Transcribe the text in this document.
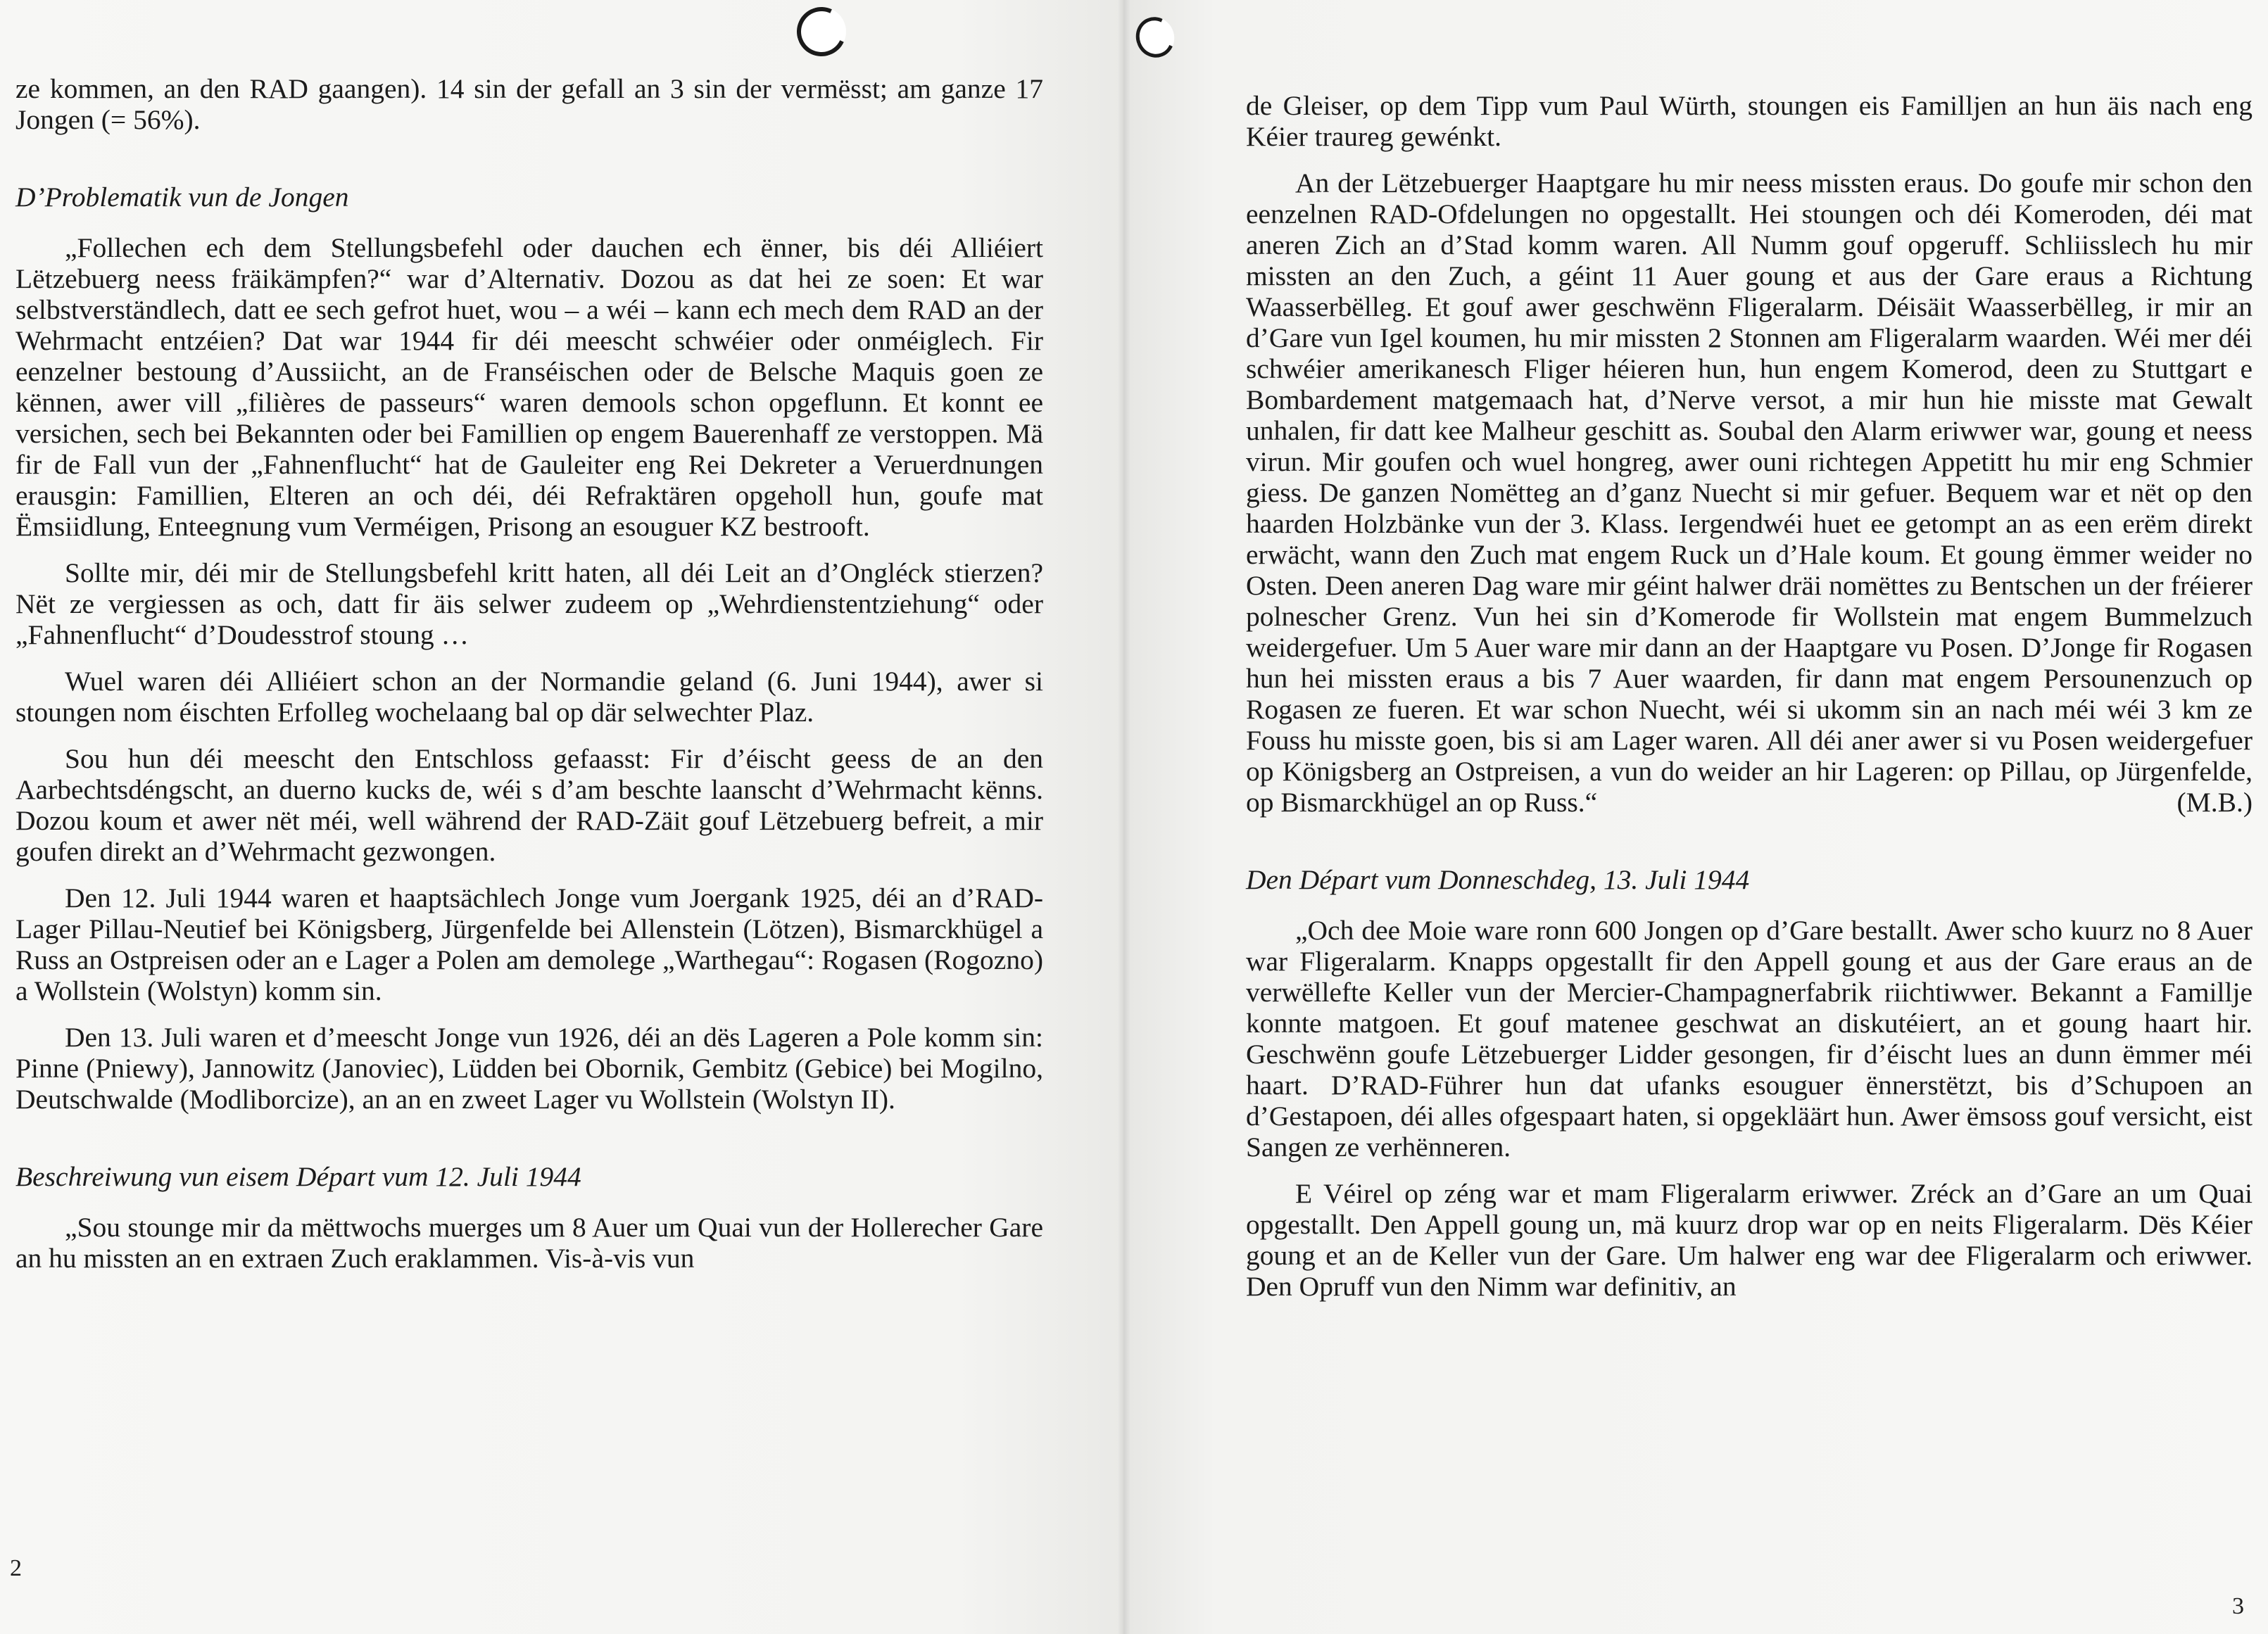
ze kommen, an den RAD gaangen). 14 sin der gefall an 3 sin der vermësst; am ganze 17 Jongen (= 56%).

D’Problematik vun de Jongen

„Follechen ech dem Stellungsbefehl oder dauchen ech ënner, bis déi Alliéiert Lëtzebuerg neess fräikämpfen?“ war d’Alternativ. Dozou as dat hei ze soen: Et war selbstverständlech, datt ee sech gefrot huet, wou – a wéi – kann ech mech dem RAD an der Wehrmacht entzéien? Dat war 1944 fir déi meescht schwéier oder onméiglech. Fir eenzelner bestoung d’Aussiicht, an de Franséischen oder de Belsche Maquis goen ze kënnen, awer vill „filières de passeurs“ waren demools schon opgeflunn. Et konnt ee versichen, sech bei Bekannten oder bei Famillien op engem Bauerenhaff ze verstoppen. Mä fir de Fall vun der „Fahnenflucht“ hat de Gauleiter eng Rei Dekreter a Veruerdnungen erausgin: Famillien, Elteren an och déi, déi Refraktären opgeholl hun, goufe mat Ëmsiidlung, Enteegnung vum Verméigen, Prisong an esouguer KZ bestrooft.

Sollte mir, déi mir de Stellungsbefehl kritt haten, all déi Leit an d’Ongléck stierzen? Nët ze vergiessen as och, datt fir äis selwer zudeem op „Wehrdienstentziehung“ oder „Fahnenflucht“ d’Doudesstrof stoung …

Wuel waren déi Alliéiert schon an der Normandie geland (6. Juni 1944), awer si stoungen nom éischten Erfolleg wochelaang bal op där selwechter Plaz.

Sou hun déi meescht den Entschloss gefaasst: Fir d’éischt geess de an den Aarbechtsdéngscht, an duerno kucks de, wéi s d’am beschte laanscht d’Wehrmacht kënns. Dozou koum et awer nët méi, well während der RAD-Zäit gouf Lëtzebuerg befreit, a mir goufen direkt an d’Wehrmacht gezwongen.

Den 12. Juli 1944 waren et haaptsächlech Jonge vum Joergank 1925, déi an d’RAD-Lager Pillau-Neutief bei Königsberg, Jürgenfelde bei Allenstein (Lötzen), Bismarckhügel a Russ an Ostpreisen oder an e Lager a Polen am demolege „Warthegau“: Rogasen (Rogozno) a Wollstein (Wolstyn) komm sin.

Den 13. Juli waren et d’meescht Jonge vun 1926, déi an dës Lageren a Pole komm sin: Pinne (Pniewy), Jannowitz (Janoviec), Lüdden bei Obornik, Gembitz (Gebice) bei Mogilno, Deutschwalde (Modliborcize), an an en zweet Lager vu Wollstein (Wolstyn II).

Beschreiwung vun eisem Départ vum 12. Juli 1944

„Sou stounge mir da mëttwochs muerges um 8 Auer um Quai vun der Hollerecher Gare an hu missten an en extraen Zuch eraklammen. Vis-à-vis vun

2

de Gleiser, op dem Tipp vum Paul Würth, stoungen eis Familljen an hun äis nach eng Kéier traureg gewénkt.

An der Lëtzebuerger Haaptgare hu mir neess missten eraus. Do goufe mir schon den eenzelnen RAD-Ofdelungen no opgestallt. Hei stoungen och déi Komeroden, déi mat aneren Zich an d’Stad komm waren. All Numm gouf opgeruff. Schliisslech hu mir missten an den Zuch, a géint 11 Auer goung et aus der Gare eraus a Richtung Waasserbëlleg. Et gouf awer geschwënn Fligeralarm. Déisäit Waasserbëlleg, ir mir an d’Gare vun Igel koumen, hu mir missten 2 Stonnen am Fligeralarm waarden. Wéi mer déi schwéier amerikanesch Fliger héieren hun, hun engem Komerod, deen zu Stuttgart e Bombardement matgemaach hat, d’Nerve versot, a mir hun hie misste mat Gewalt unhalen, fir datt kee Malheur geschitt as. Soubal den Alarm eriwwer war, goung et neess virun. Mir goufen och wuel hongreg, awer ouni richtegen Appetitt hu mir eng Schmier giess. De ganzen Nomëtteg an d’ganz Nuecht si mir gefuer. Bequem war et nët op den haarden Holzbänke vun der 3. Klass. Iergendwéi huet ee getompt an as een erëm direkt erwächt, wann den Zuch mat engem Ruck un d’Hale koum. Et goung ëmmer weider no Osten. Deen aneren Dag ware mir géint halwer dräi nomëttes zu Bentschen un der fréierer polnescher Grenz. Vun hei sin d’Komerode fir Wollstein mat engem Bummelzuch weidergefuer. Um 5 Auer ware mir dann an der Haaptgare vu Posen. D’Jonge fir Rogasen hun hei missten eraus a bis 7 Auer waarden, fir dann mat engem Persounenzuch op Rogasen ze fueren. Et war schon Nuecht, wéi si ukomm sin an nach méi wéi 3 km ze Fouss hu misste goen, bis si am Lager waren. All déi aner awer si vu Posen weidergefuer op Königsberg an Ostpreisen, a vun do weider an hir Lageren: op Pillau, op Jürgenfelde, op Bismarckhügel an op Russ.“	(M.B.)

Den Départ vum Donneschdeg, 13. Juli 1944

„Och dee Moie ware ronn 600 Jongen op d’Gare bestallt. Awer scho kuurz no 8 Auer war Fligeralarm. Knapps opgestallt fir den Appell goung et aus der Gare eraus an de verwëllefte Keller vun der Mercier-Champagnerfabrik riichtiwwer. Bekannt a Famillje konnte matgoen. Et gouf matenee geschwat an diskutéiert, an et goung haart hir. Geschwënn goufe Lëtzebuerger Lidder gesongen, fir d’éischt lues an dunn ëmmer méi haart. D’RAD-Führer hun dat ufanks esouguer ënnerstëtzt, bis d’Schupoen an d’Gestapoen, déi alles ofgespaart haten, si opgekläärt hun. Awer ëmsoss gouf versicht, eist Sangen ze verhënneren.

E Véirel op zéng war et mam Fligeralarm eriwwer. Zréck an d’Gare an um Quai opgestallt. Den Appell goung un, mä kuurz drop war op en neits Fligeralarm. Dës Kéier goung et an de Keller vun der Gare. Um halwer eng war dee Fligeralarm och eriwwer. Den Opruff vun den Nimm war definitiv, an

3
